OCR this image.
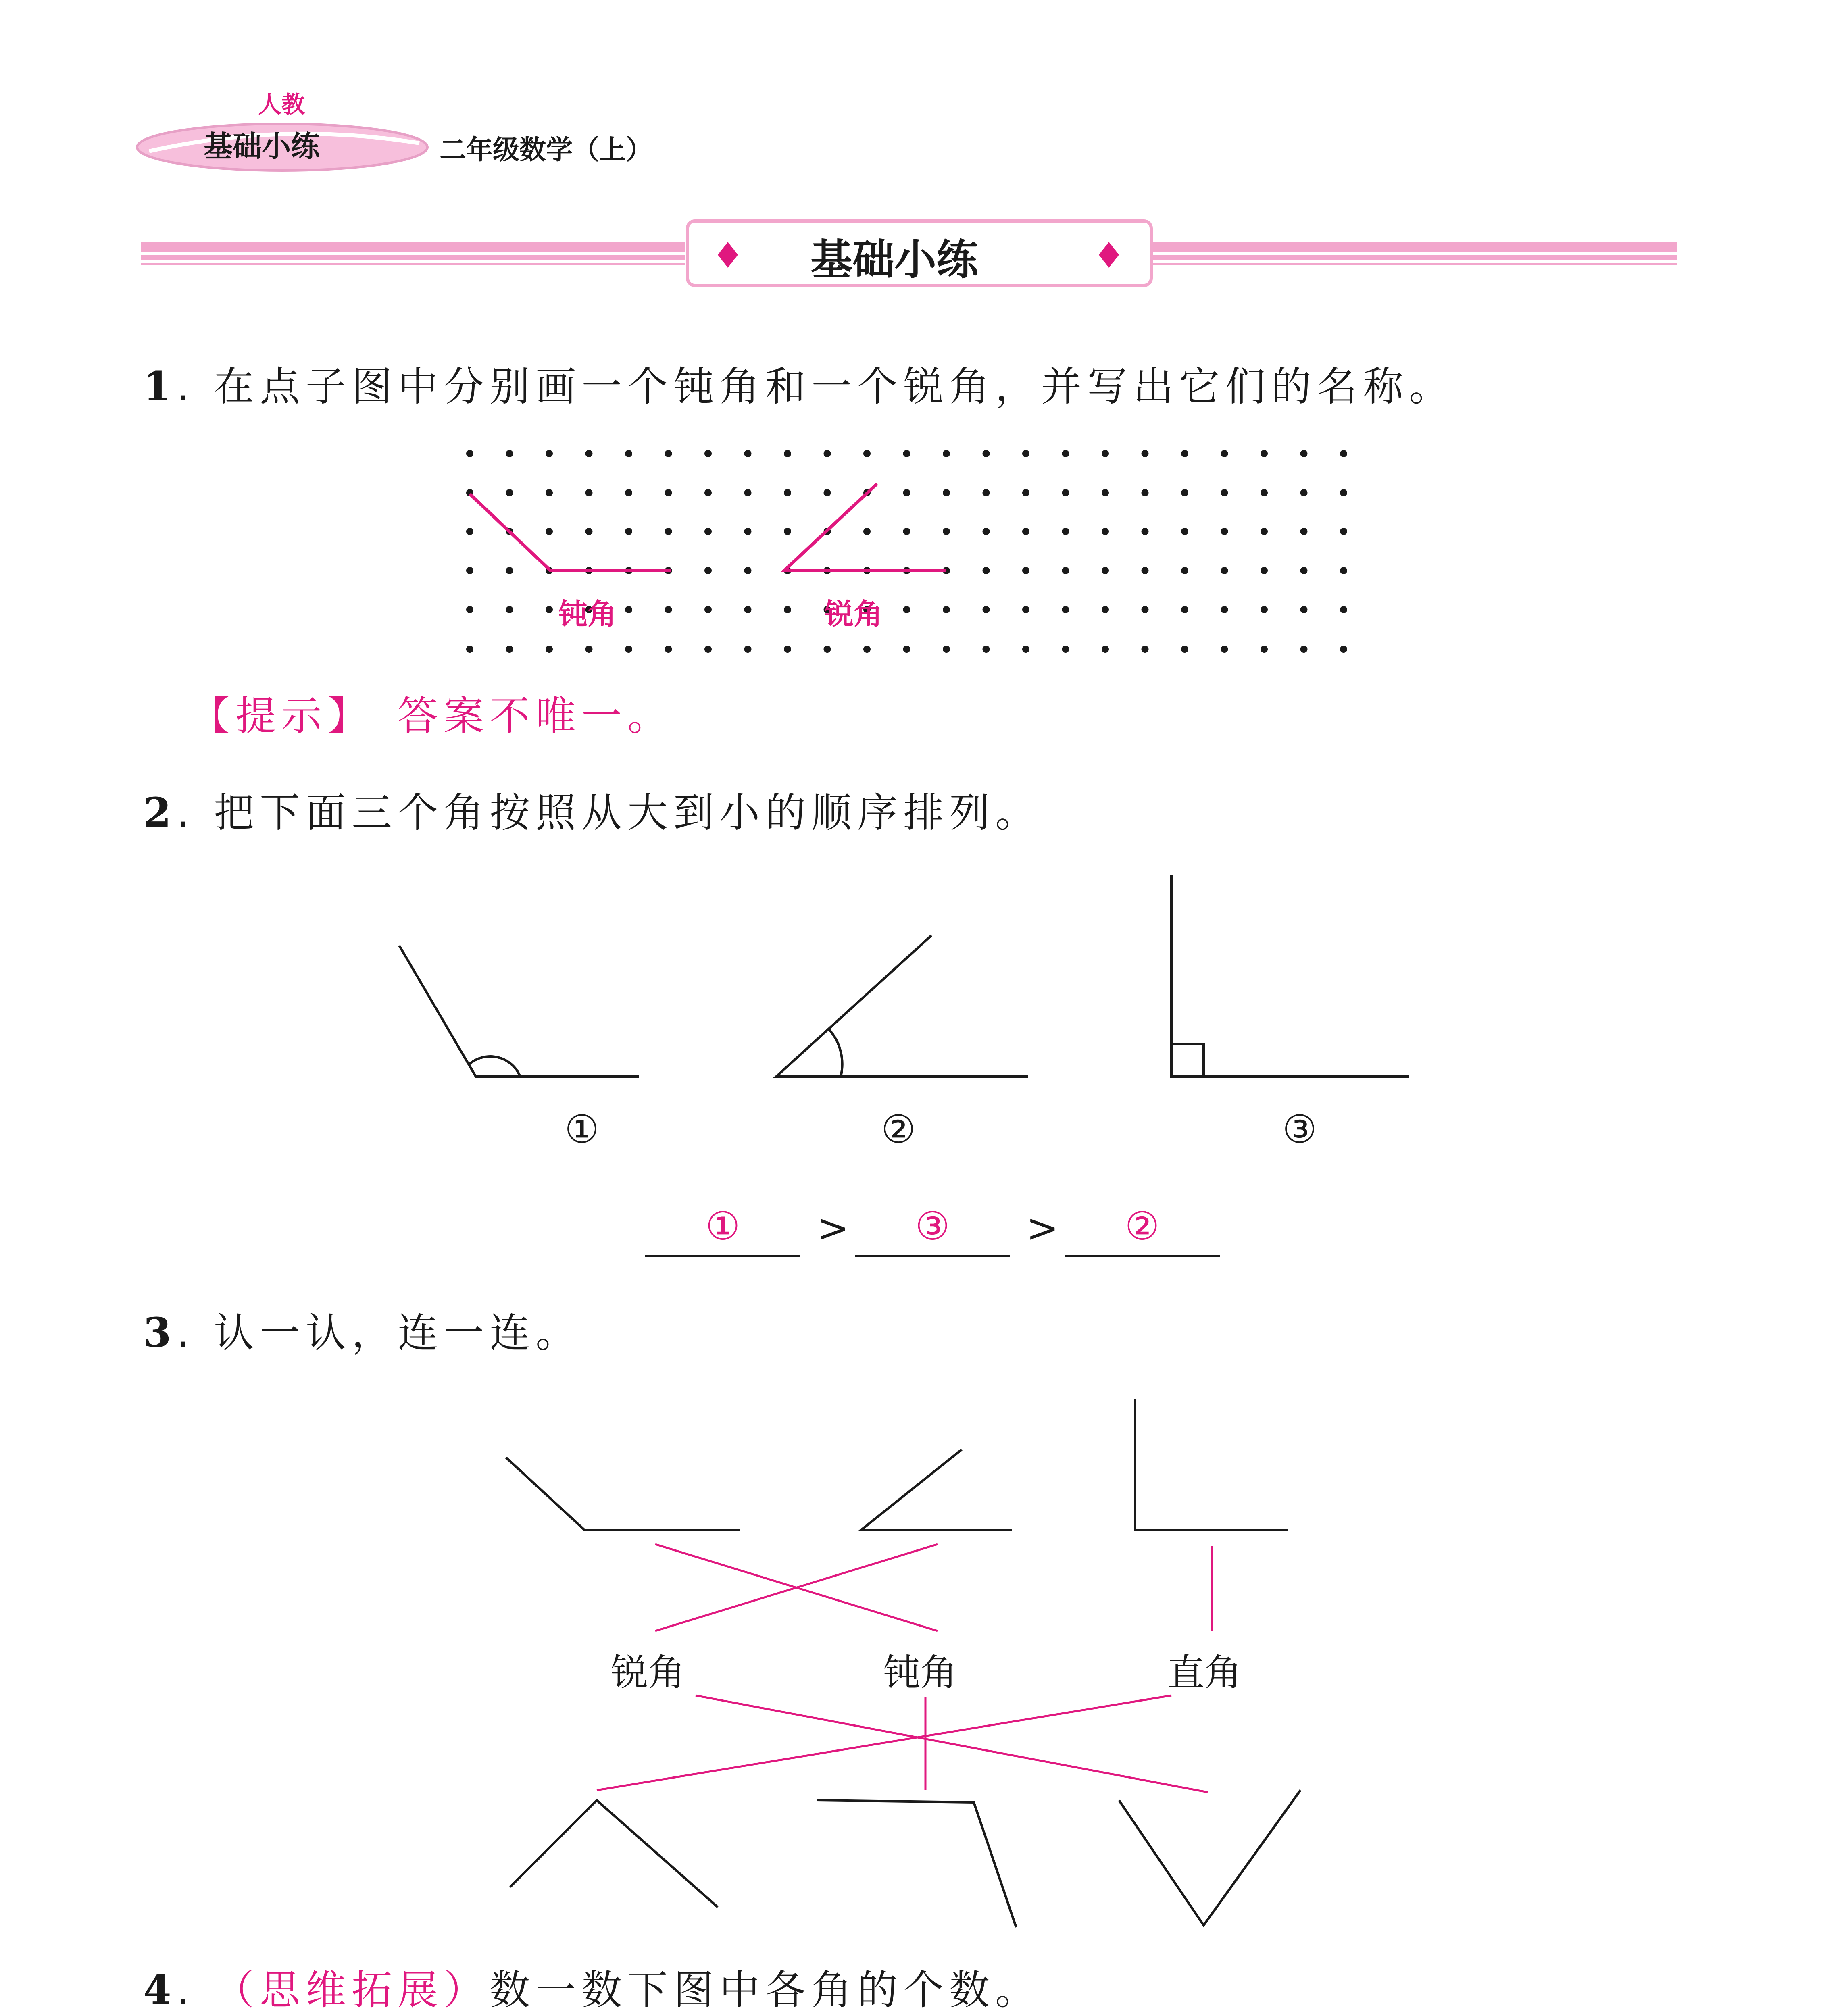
人教
基础小练	二年级数学（上）
基础小练
1. 在点子图中分别画一个钝角和一个锐角，并写出它们的名称。
钝角	锐角
【提示】 答案不唯一。
2. 把下面三个角按照从大到小的顺序排列。
①	②	③
①	>	③	>	②
3. 认一认，连一连。
锐角	钝角	直角
4. （思维拓展）数一数下图中各角的个数。
